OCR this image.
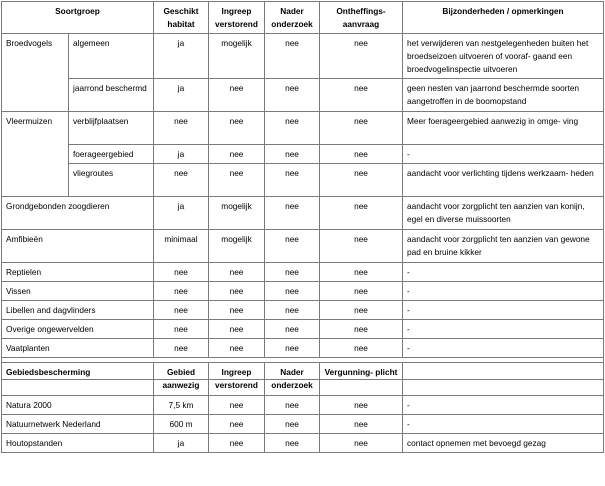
Soortgroep		Geschikt habitat	Ingreep verstorend	Nader onderzoek	Ontheffings- aanvraag	Bijzonderheden / opmerkingen
Broedvogels	algemeen	ja	mogelijk	nee	nee	het verwijderen van nestgelegenheden buiten het broedseizoen uitvoeren of vooraf- gaand een broedvogelinspectie uitvoeren
	jaarrond beschermd	ja	nee	nee	nee	geen nesten van jaarrond beschermde soorten aangetroffen in de boomopstand
Vleermuizen	verblijfplaatsen	nee	nee	nee	nee	Meer foerageergebied aanwezig in omge- ving
	foerageergebied	ja	nee	nee	nee	-
	vliegroutes	nee	nee	nee	nee	aandacht voor verlichting tijdens werkzaam- heden
Grondgebonden zoogdieren		ja	mogelijk	nee	nee	aandacht voor zorgplicht ten aanzien van konijn, egel en diverse muissoorten
Amfibieën		minimaal	mogelijk	nee	nee	aandacht voor zorgplicht ten aanzien van gewone pad en bruine kikker
Reptielen		nee	nee	nee	nee	-
Vissen		nee	nee	nee	nee	-
Libellen and dagvlinders		nee	nee	nee	nee	-
Overige ongewervelden		nee	nee	nee	nee	-
Vaatplanten		nee	nee	nee	nee	-

Gebiedsbescherming	Gebied aanwezig	Ingreep verstorend	Nader onderzoek	Vergunning- plicht	
Natura 2000	7,5 km	nee	nee	nee	-
Natuurnetwerk Nederland	600 m	nee	nee	nee	-
Houtopstanden	ja	nee	nee	nee	contact opnemen met bevoegd gezag
